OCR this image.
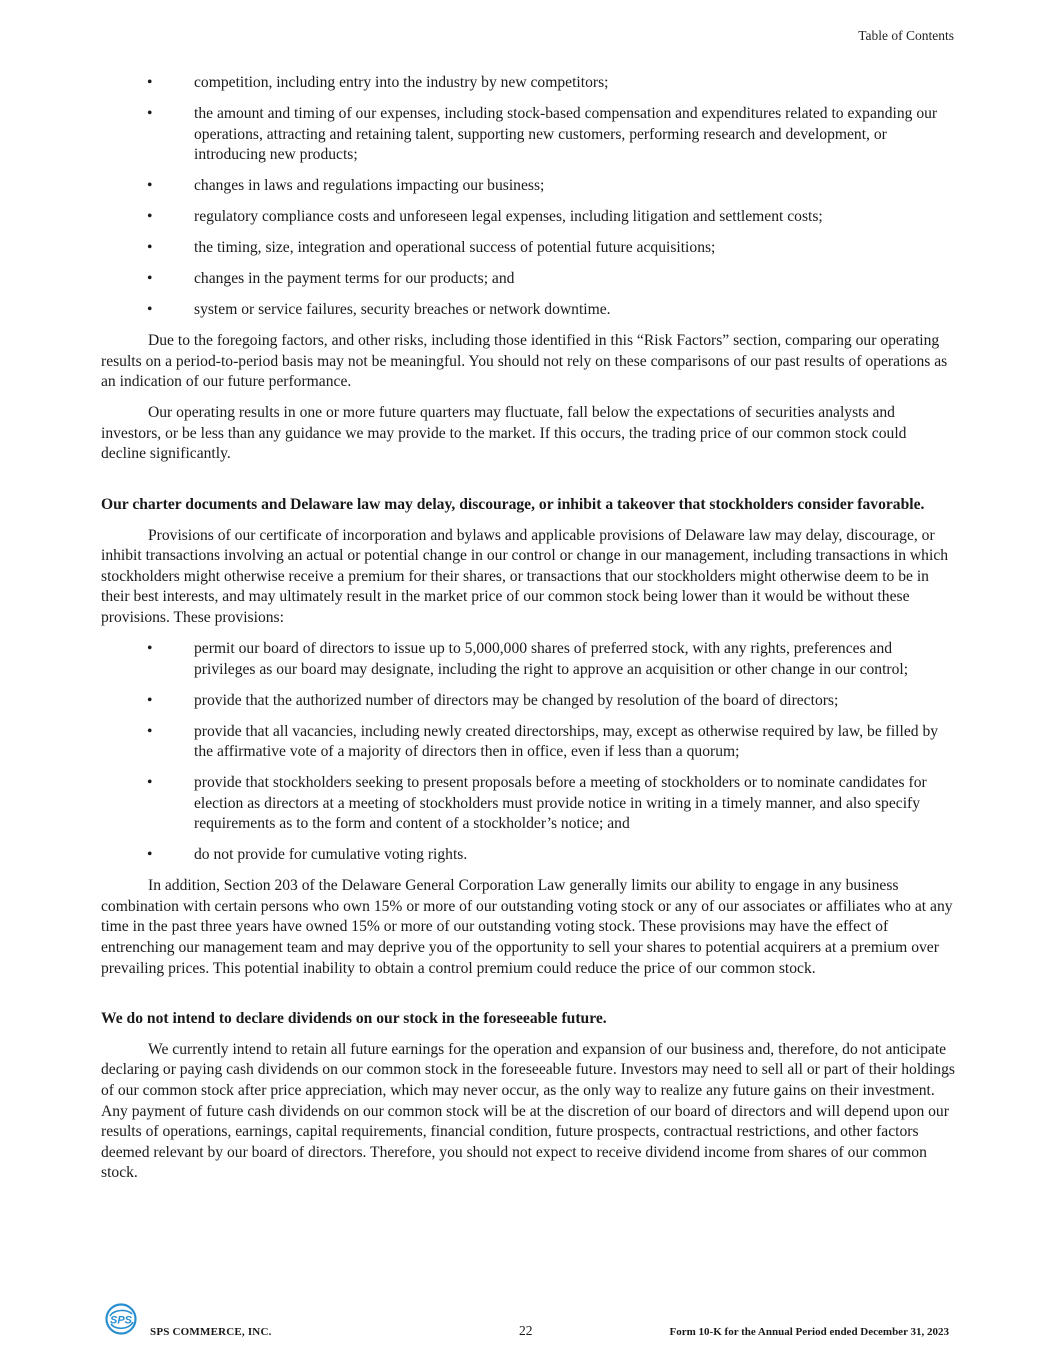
Table of Contents
•	competition, including entry into the industry by new competitors;
•	the amount and timing of our expenses, including stock-based compensation and expenditures related to expanding our operations, attracting and retaining talent, supporting new customers, performing research and development, or introducing new products;
•	changes in laws and regulations impacting our business;
•	regulatory compliance costs and unforeseen legal expenses, including litigation and settlement costs;
•	the timing, size, integration and operational success of potential future acquisitions;
•	changes in the payment terms for our products; and
•	system or service failures, security breaches or network downtime.

Due to the foregoing factors, and other risks, including those identified in this “Risk Factors” section, comparing our operating results on a period-to-period basis may not be meaningful. You should not rely on these comparisons of our past results of operations as an indication of our future performance.

Our operating results in one or more future quarters may fluctuate, fall below the expectations of securities analysts and investors, or be less than any guidance we may provide to the market. If this occurs, the trading price of our common stock could decline significantly.

Our charter documents and Delaware law may delay, discourage, or inhibit a takeover that stockholders consider favorable.

Provisions of our certificate of incorporation and bylaws and applicable provisions of Delaware law may delay, discourage, or inhibit transactions involving an actual or potential change in our control or change in our management, including transactions in which stockholders might otherwise receive a premium for their shares, or transactions that our stockholders might otherwise deem to be in their best interests, and may ultimately result in the market price of our common stock being lower than it would be without these provisions. These provisions:

•	permit our board of directors to issue up to 5,000,000 shares of preferred stock, with any rights, preferences and privileges as our board may designate, including the right to approve an acquisition or other change in our control;
•	provide that the authorized number of directors may be changed by resolution of the board of directors;
•	provide that all vacancies, including newly created directorships, may, except as otherwise required by law, be filled by the affirmative vote of a majority of directors then in office, even if less than a quorum;
•	provide that stockholders seeking to present proposals before a meeting of stockholders or to nominate candidates for election as directors at a meeting of stockholders must provide notice in writing in a timely manner, and also specify requirements as to the form and content of a stockholder’s notice; and
•	do not provide for cumulative voting rights.

In addition, Section 203 of the Delaware General Corporation Law generally limits our ability to engage in any business combination with certain persons who own 15% or more of our outstanding voting stock or any of our associates or affiliates who at any time in the past three years have owned 15% or more of our outstanding voting stock. These provisions may have the effect of entrenching our management team and may deprive you of the opportunity to sell your shares to potential acquirers at a premium over prevailing prices. This potential inability to obtain a control premium could reduce the price of our common stock.

We do not intend to declare dividends on our stock in the foreseeable future.

We currently intend to retain all future earnings for the operation and expansion of our business and, therefore, do not anticipate declaring or paying cash dividends on our common stock in the foreseeable future. Investors may need to sell all or part of their holdings of our common stock after price appreciation, which may never occur, as the only way to realize any future gains on their investment. Any payment of future cash dividends on our common stock will be at the discretion of our board of directors and will depend upon our results of operations, earnings, capital requirements, financial condition, future prospects, contractual restrictions, and other factors deemed relevant by our board of directors. Therefore, you should not expect to receive dividend income from shares of our common stock.

SPS
SPS COMMERCE, INC.	22	Form 10-K for the Annual Period ended December 31, 2023
